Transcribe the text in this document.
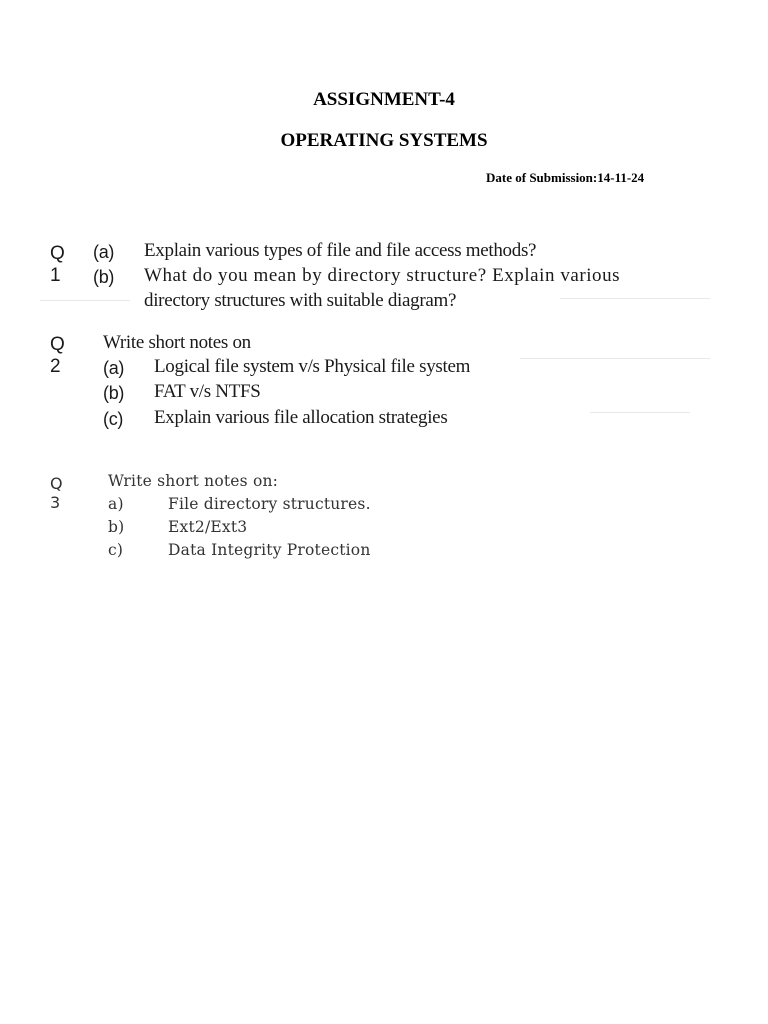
ASSIGNMENT-4
OPERATING SYSTEMS
Date of Submission:14-11-24
Q 1
(a) Explain various types of file and file access methods?
(b) What do you mean by directory structure? Explain various
directory structures with suitable diagram?
Q 2
Write short notes on
(a) Logical file system v/s Physical file system
(b) FAT v/s NTFS
(c) Explain various file allocation strategies
Q 3
Write short notes on:
a)	File directory structures.
b)	Ext2/Ext3
c)	Data Integrity Protection
